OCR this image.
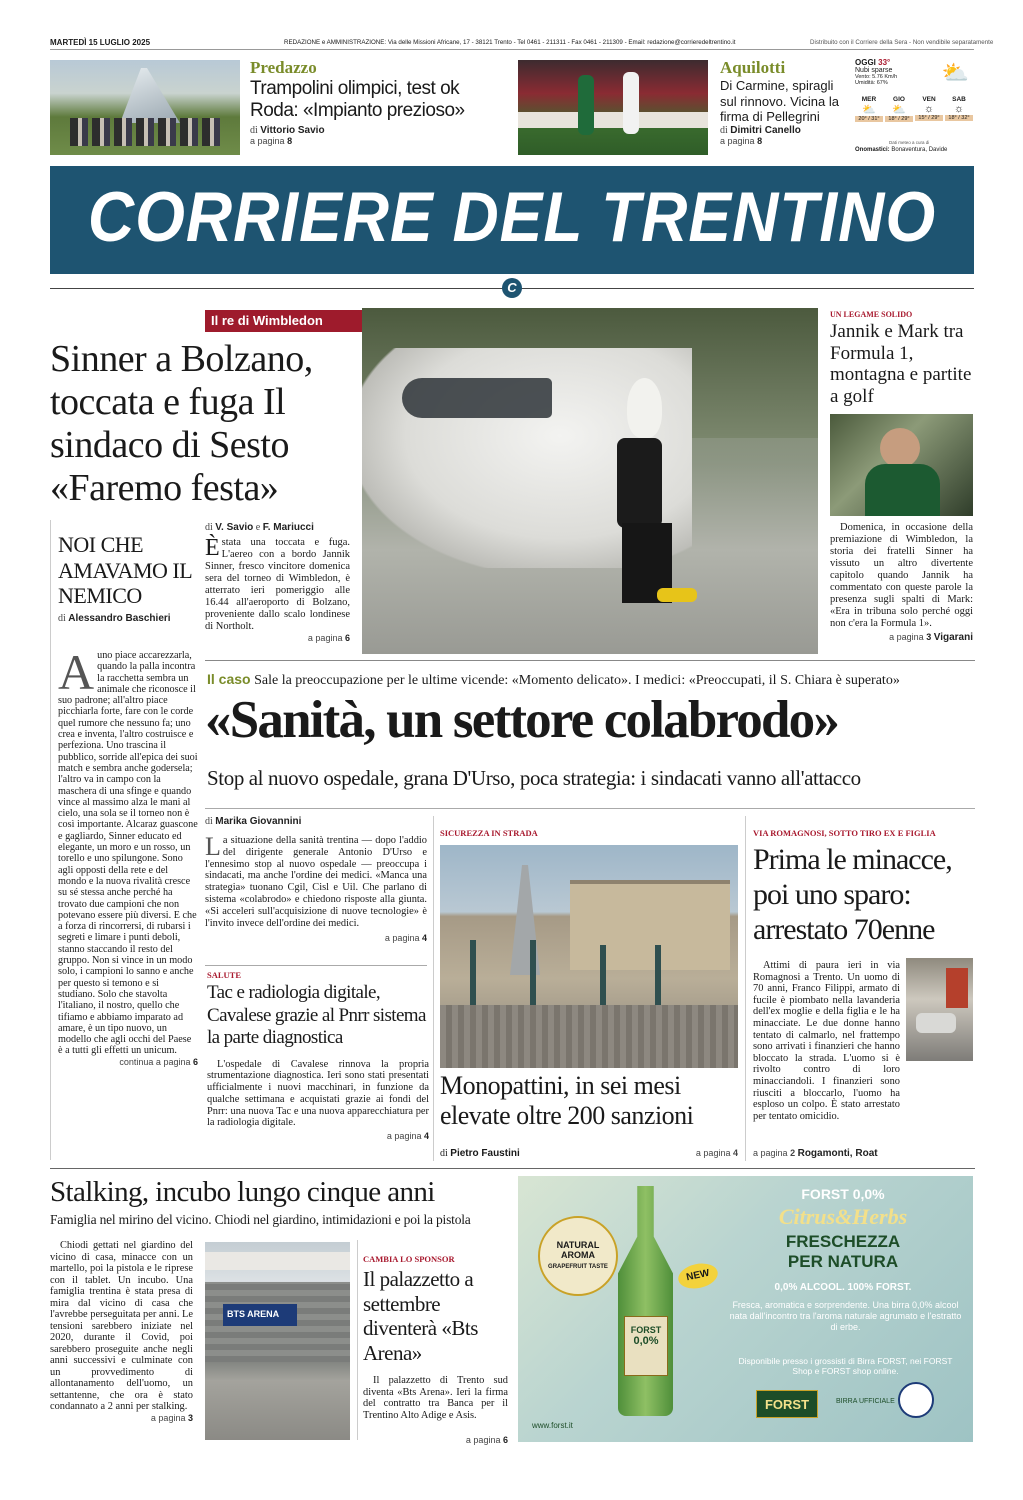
MARTEDÌ 15 LUGLIO 2025	REDAZIONE e AMMINISTRAZIONE: Via delle Missioni Africane, 17 - 38121 Trento - Tel 0461 - 211311 - Fax 0461 - 211309 - Email: redazione@corrieredeltrentino.it	Distribuito con il Corriere della Sera - Non vendibile separatamente
Predazzo
Trampolini olimpici, test ok Roda: «Impianto prezioso»
di Vittorio Savio
a pagina 8
Aquilotti
Di Carmine, spiragli sul rinnovo. Vicina la firma di Pellegrini
di Dimitri Canello
a pagina 8
OGGI 33°
Nubi sparse
Vento: 5.76 Km/h
Umidità: 67%	⛅
MER
⛅
20° / 31°
GIO
⛅
18° / 29°
VEN
☼
15° / 29°
SAB
☼
18° / 32°
Dati meteo a cura di
Onomastici: Bonaventura, Davide
CORRIERE DEL TRENTINO
C
Il re di Wimbledon
Sinner a Bolzano, toccata e fuga Il sindaco di Sesto «Faremo festa»
di V. Savio e F. Mariucci

Èstata una toccata e fuga. L'aereo con a bordo Jannik Sinner, fresco vincitore domenica sera del torneo di Wimbledon, è atterrato ieri pomeriggio alle 16.44 all'aeroporto di Bolzano, proveniente dallo scalo londinese di Northolt.

a pagina 6
UN LEGAME SOLIDO
Jannik e Mark tra Formula 1, montagna e partite a golf

Domenica, in occasione della premiazione di Wimbledon, la storia dei fratelli Sinner ha vissuto un altro divertente capitolo quando Jannik ha commentato con queste parole la presenza sugli spalti di Mark: «Era in tribuna solo perché oggi non c'era la Formula 1».

a pagina 3 Vigarani
NOI CHE AMAVAMO IL NEMICO
di Alessandro Baschieri

Auno piace accarezzarla, quando la palla incontra la racchetta sembra un animale che riconosce il suo padrone; all'altro piace picchiarla forte, fare con le corde quel rumore che nessuno fa; uno crea e inventa, l'altro costruisce e perfeziona. Uno trascina il pubblico, sorride all'epica dei suoi match e sembra anche godersela; l'altro va in campo con la maschera di una sfinge e quando vince al massimo alza le mani al cielo, una sola se il torneo non è così importante. Alcaraz guascone e gagliardo, Sinner educato ed elegante, un moro e un rosso, un torello e uno spilungone. Sono agli opposti della rete e del mondo e la nuova rivalità cresce su sé stessa anche perché ha trovato due campioni che non potevano essere più diversi. E che a forza di rincorrersi, di rubarsi i segreti e limare i punti deboli, stanno staccando il resto del gruppo. Non si vince in un modo solo, i campioni lo sanno e anche per questo si temono e si studiano. Solo che stavolta l'italiano, il nostro, quello che tifiamo e abbiamo imparato ad amare, è un tipo nuovo, un modello che agli occhi del Paese è a tutti gli effetti un unicum.

continua a pagina 6
Il caso Sale la preoccupazione per le ultime vicende: «Momento delicato». I medici: «Preoccupati, il S. Chiara è superato»
«Sanità, un settore colabrodo»
Stop al nuovo ospedale, grana D'Urso, poca strategia: i sindacati vanno all'attacco
di Marika Giovannini

La situazione della sanità trentina — dopo l'addio del dirigente generale Antonio D'Urso e l'ennesimo stop al nuovo ospedale — preoccupa i sindacati, ma anche l'ordine dei medici. «Manca una strategia» tuonano Cgil, Cisl e Uil. Che parlano di sistema «colabrodo» e chiedono risposte alla giunta. «Si acceleri sull'acquisizione di nuove tecnologie» è l'invito invece dell'ordine dei medici.

a pagina 4
SALUTE
Tac e radiologia digitale, Cavalese grazie al Pnrr sistema la parte diagnostica

L'ospedale di Cavalese rinnova la propria strumentazione diagnostica. Ieri sono stati presentati ufficialmente i nuovi macchinari, in funzione da qualche settimana e acquistati grazie ai fondi del Pnrr: una nuova Tac e una nuova apparecchiatura per la radiologia digitale.

a pagina 4
SICUREZZA IN STRADA
Monopattini, in sei mesi elevate oltre 200 sanzioni
di Pietro Faustini	a pagina 4
VIA ROMAGNOSI, SOTTO TIRO EX E FIGLIA
Prima le minacce, poi uno sparo: arrestato 70enne

Attimi di paura ieri in via Romagnosi a Trento. Un uomo di 70 anni, Franco Filippi, armato di fucile è piombato nella lavanderia dell'ex moglie e della figlia e le ha minacciate. Le due donne hanno tentato di calmarlo, nel frattempo sono arrivati i finanzieri che hanno bloccato la strada. L'uomo si è rivolto contro di loro minacciandoli. I finanzieri sono riusciti a bloccarlo, l'uomo ha esploso un colpo. È stato arrestato per tentato omicidio.

a pagina 2 Rogamonti, Roat
Stalking, incubo lungo cinque anni
Famiglia nel mirino del vicino. Chiodi nel giardino, intimidazioni e poi la pistola

Chiodi gettati nel giardino del vicino di casa, minacce con un martello, poi la pistola e le riprese con il tablet. Un incubo. Una famiglia trentina è stata presa di mira dal vicino di casa che l'avrebbe perseguitata per anni. Le tensioni sarebbero iniziate nel 2020, durante il Covid, poi sarebbero proseguite anche negli anni successivi e culminate con un provvedimento di allontanamento dell'uomo, un settantenne, che ora è stato condannato a 2 anni per stalking.

a pagina 3
BTS ARENA
CAMBIA LO SPONSOR
Il palazzetto a settembre diventerà «Bts Arena»

Il palazzetto di Trento sud diventa «Bts Arena». Ieri la firma del contratto tra Banca per il Trentino Alto Adige e Asis.

a pagina 6
NATURAL AROMA
GRAPEFRUIT TASTE
FORST
0,0%
NEW
FORST 0,0%
Citrus&Herbs
FRESCHEZZA
PER NATURA
0,0% ALCOOL. 100% FORST.
Fresca, aromatica e sorprendente. Una birra 0,0% alcool nata dall'incontro tra l'aroma naturale agrumato e l'estratto di erbe.
Disponibile presso i grossisti di Birra FORST, nei FORST Shop e FORST shop online.
www.forst.it
FORST	BIRRA UFFICIALE
